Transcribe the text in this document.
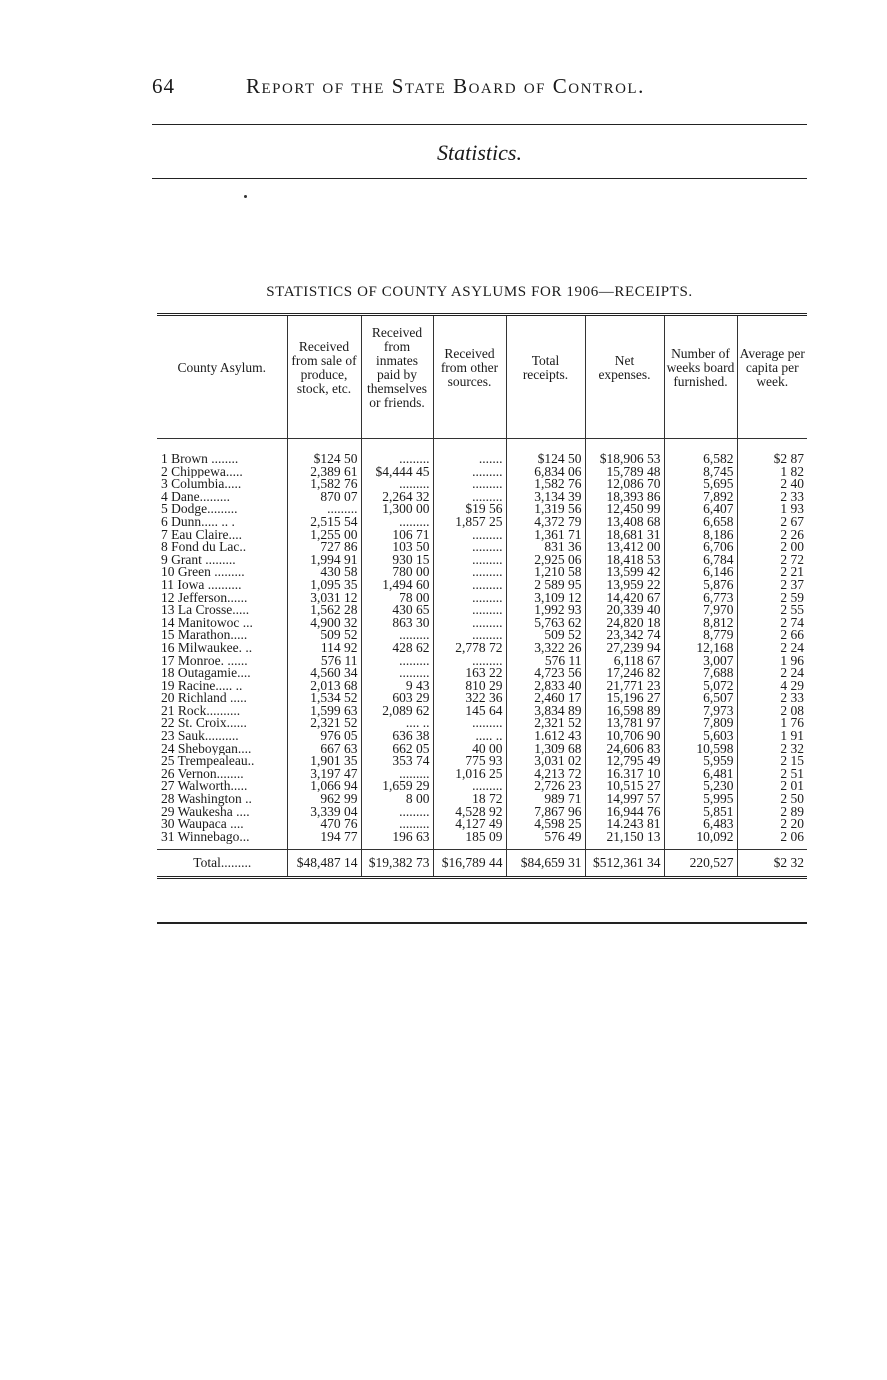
64	Report of the State Board of Control.
Statistics.
STATISTICS OF COUNTY ASYLUMS FOR 1906—RECEIPTS.
County Asylum.	Received from sale of produce, stock, etc.	Received from inmates paid by themselves or friends.	Received from other sources.	Total receipts.	Net expenses.	Number of weeks board furnished.	Average per capita per week.
1 Brown ........	$124 50	.........	.......	$124 50	$18,906 53	6,582	$2 87
2 Chippewa.....	2,389 61	$4,444 45	.........	6,834 06	15,789 48	8,745	1 82
3 Columbia.....	1,582 76	.........	.........	1,582 76	12,086 70	5,695	2 40
4 Dane.........	870 07	2,264 32	.........	3,134 39	18,393 86	7,892	2 33
5 Dodge.........	.........	1,300 00	$19 56	1,319 56	12,450 99	6,407	1 93
6 Dunn..... .. .	2,515 54	.........	1,857 25	4,372 79	13,408 68	6,658	2 67
7 Eau Claire....	1,255 00	106 71	.........	1,361 71	18,681 31	8,186	2 26
8 Fond du Lac..	727 86	103 50	.........	831 36	13,412 00	6,706	2 00
9 Grant .........	1,994 91	930 15	.........	2,925 06	18,418 53	6,784	2 72
10 Green .........	430 58	780 00	.........	1,210 58	13,599 42	6,146	2 21
11 Iowa ..........	1,095 35	1,494 60	.........	2 589 95	13,959 22	5,876	2 37
12 Jefferson......	3,031 12	78 00	.........	3,109 12	14,420 67	6,773	2 59
13 La Crosse.....	1,562 28	430 65	.........	1,992 93	20,339 40	7,970	2 55
14 Manitowoc ...	4,900 32	863 30	.........	5,763 62	24,820 18	8,812	2 74
15 Marathon.....	509 52	.........	.........	509 52	23,342 74	8,779	2 66
16 Milwaukee. ..	114 92	428 62	2,778 72	3,322 26	27,239 94	12,168	2 24
17 Monroe. ......	576 11	.........	.........	576 11	6,118 67	3,007	1 96
18 Outagamie....	4,560 34	.........	163 22	4,723 56	17,246 82	7,688	2 24
19 Racine..... ..	2,013 68	9 43	810 29	2,833 40	21,771 23	5,072	4 29
20 Richland .....	1,534 52	603 29	322 36	2,460 17	15,196 27	6,507	2 33
21 Rock..........	1,599 63	2,089 62	145 64	3,834 89	16,598 89	7,973	2 08
22 St. Croix......	2,321 52	.... ..	.........	2,321 52	13,781 97	7,809	1 76
23 Sauk..........	976 05	636 38	..... ..	1.612 43	10,706 90	5,603	1 91
24 Sheboygan....	667 63	662 05	40 00	1,309 68	24,606 83	10,598	2 32
25 Trempealeau..	1,901 35	353 74	775 93	3,031 02	12,795 49	5,959	2 15
26 Vernon........	3,197 47	.........	1,016 25	4,213 72	16.317 10	6,481	2 51
27 Walworth.....	1,066 94	1,659 29	.........	2,726 23	10,515 27	5,230	2 01
28 Washington ..	962 99	8 00	18 72	989 71	14,997 57	5,995	2 50
29 Waukesha ....	3,339 04	.........	4,528 92	7,867 96	16,944 76	5,851	2 89
30 Waupaca ....	470 76	.........	4,127 49	4,598 25	14.243 81	6,483	2 20
31 Winnebago...	194 77	196 63	185 09	576 49	21,150 13	10,092	2 06
Total.........	$48,487 14	$19,382 73	$16,789 44	$84,659 31	$512,361 34	220,527	$2 32
